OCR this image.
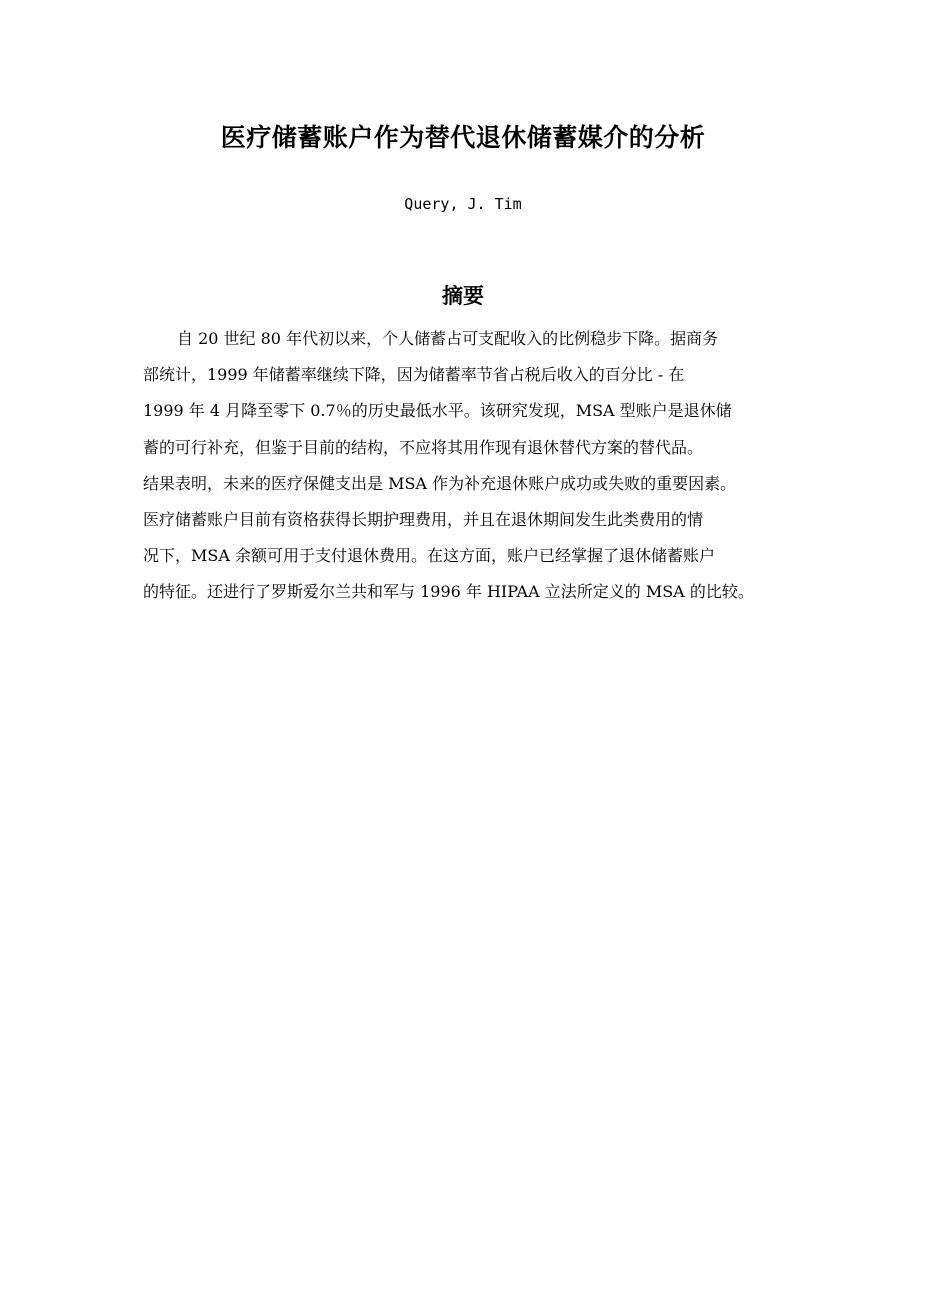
医疗储蓄账户作为替代退休储蓄媒介的分析
Query, J. Tim
摘要
自 20 世纪 80 年代初以来，个人储蓄占可支配收入的比例稳步下降。据商务
部统计，1999 年储蓄率继续下降，因为储蓄率节省占税后收入的百分比 - 在
1999 年 4 月降至零下 0.7％的历史最低水平。该研究发现，MSA 型账户是退休储
蓄的可行补充，但鉴于目前的结构，不应将其用作现有退休替代方案的替代品。
结果表明，未来的医疗保健支出是 MSA 作为补充退休账户成功或失败的重要因素。
医疗储蓄账户目前有资格获得长期护理费用，并且在退休期间发生此类费用的情
况下，MSA 余额可用于支付退休费用。在这方面，账户已经掌握了退休储蓄账户
的特征。还进行了罗斯爱尔兰共和军与 1996 年 HIPAA 立法所定义的 MSA 的比较。
